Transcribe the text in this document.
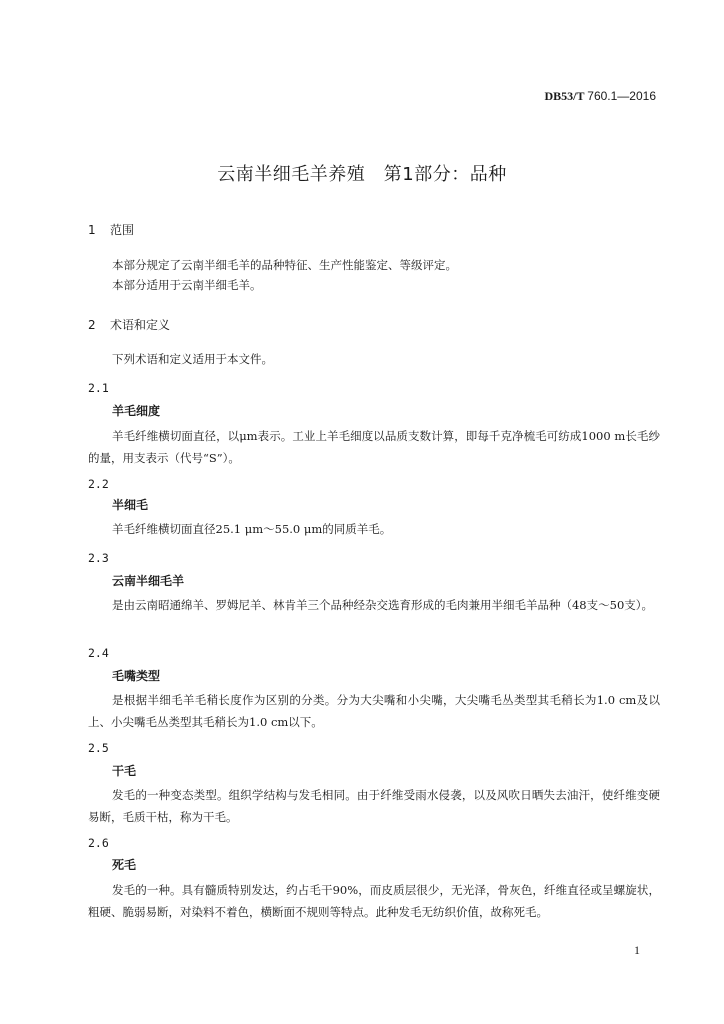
DB53/T 760.1—2016
云南半细毛羊养殖　第1部分：品种
1 范围
本部分规定了云南半细毛羊的品种特征、生产性能鉴定、等级评定。
本部分适用于云南半细毛羊。
2 术语和定义
下列术语和定义适用于本文件。
2.1
羊毛细度
羊毛纤维横切面直径，以μm表示。工业上羊毛细度以品质支数计算，即每千克净梳毛可纺成1000 m长毛纱的量，用支表示（代号“S”）。
2.2
半细毛
羊毛纤维横切面直径25.1 μm～55.0 μm的同质羊毛。
2.3
云南半细毛羊
是由云南昭通绵羊、罗姆尼羊、林肯羊三个品种经杂交选育形成的毛肉兼用半细毛羊品种（48支～50支）。
2.4
毛嘴类型
是根据半细毛羊毛稍长度作为区别的分类。分为大尖嘴和小尖嘴，大尖嘴毛丛类型其毛稍长为1.0 cm及以上、小尖嘴毛丛类型其毛稍长为1.0 cm以下。
2.5
干毛
发毛的一种变态类型。组织学结构与发毛相同。由于纤维受雨水侵袭，以及风吹日晒失去油汗，使纤维变硬易断，毛质干枯，称为干毛。
2.6
死毛
发毛的一种。具有髓质特别发达，约占毛干90%，而皮质层很少，无光泽，骨灰色，纤维直径或呈螺旋状，粗硬、脆弱易断，对染料不着色，横断面不规则等特点。此种发毛无纺织价值，故称死毛。
1
